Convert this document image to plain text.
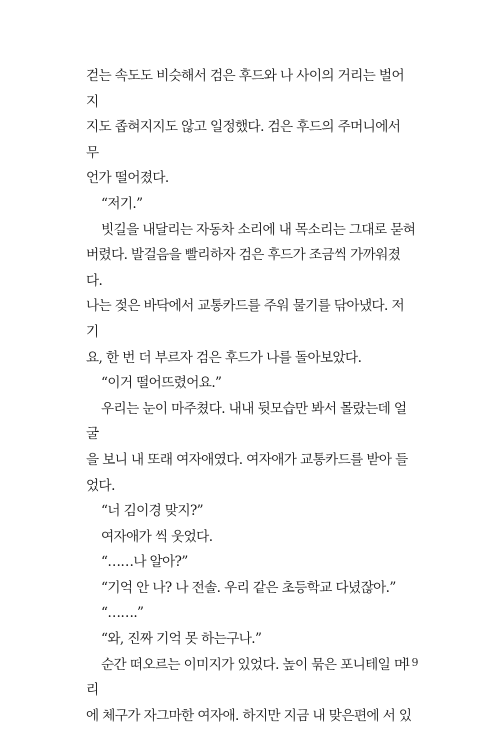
걷는 속도도 비슷해서 검은 후드와 나 사이의 거리는 벌어지
지도 좁혀지지도 않고 일정했다. 검은 후드의 주머니에서 무
언가 떨어졌다.

“저기.”

빗길을 내달리는 자동차 소리에 내 목소리는 그대로 묻혀
버렸다. 발걸음을 빨리하자 검은 후드가 조금씩 가까워졌다.
나는 젖은 바닥에서 교통카드를 주워 물기를 닦아냈다. 저기
요, 한 번 더 부르자 검은 후드가 나를 돌아보았다.

“이거 떨어뜨렸어요.”

우리는 눈이 마주쳤다. 내내 뒷모습만 봐서 몰랐는데 얼굴
을 보니 내 또래 여자애였다. 여자애가 교통카드를 받아 들
었다.

“너 김이경 맞지?”

여자애가 씩 웃었다.

“……나 알아?”

“기억 안 나? 나 전솔. 우리 같은 초등학교 다녔잖아.”

“…….”

“와, 진짜 기억 못 하는구나.”

순간 떠오르는 이미지가 있었다. 높이 묶은 포니테일 머리
에 체구가 자그마한 여자애. 하지만 지금 내 맞은편에 서 있

19
